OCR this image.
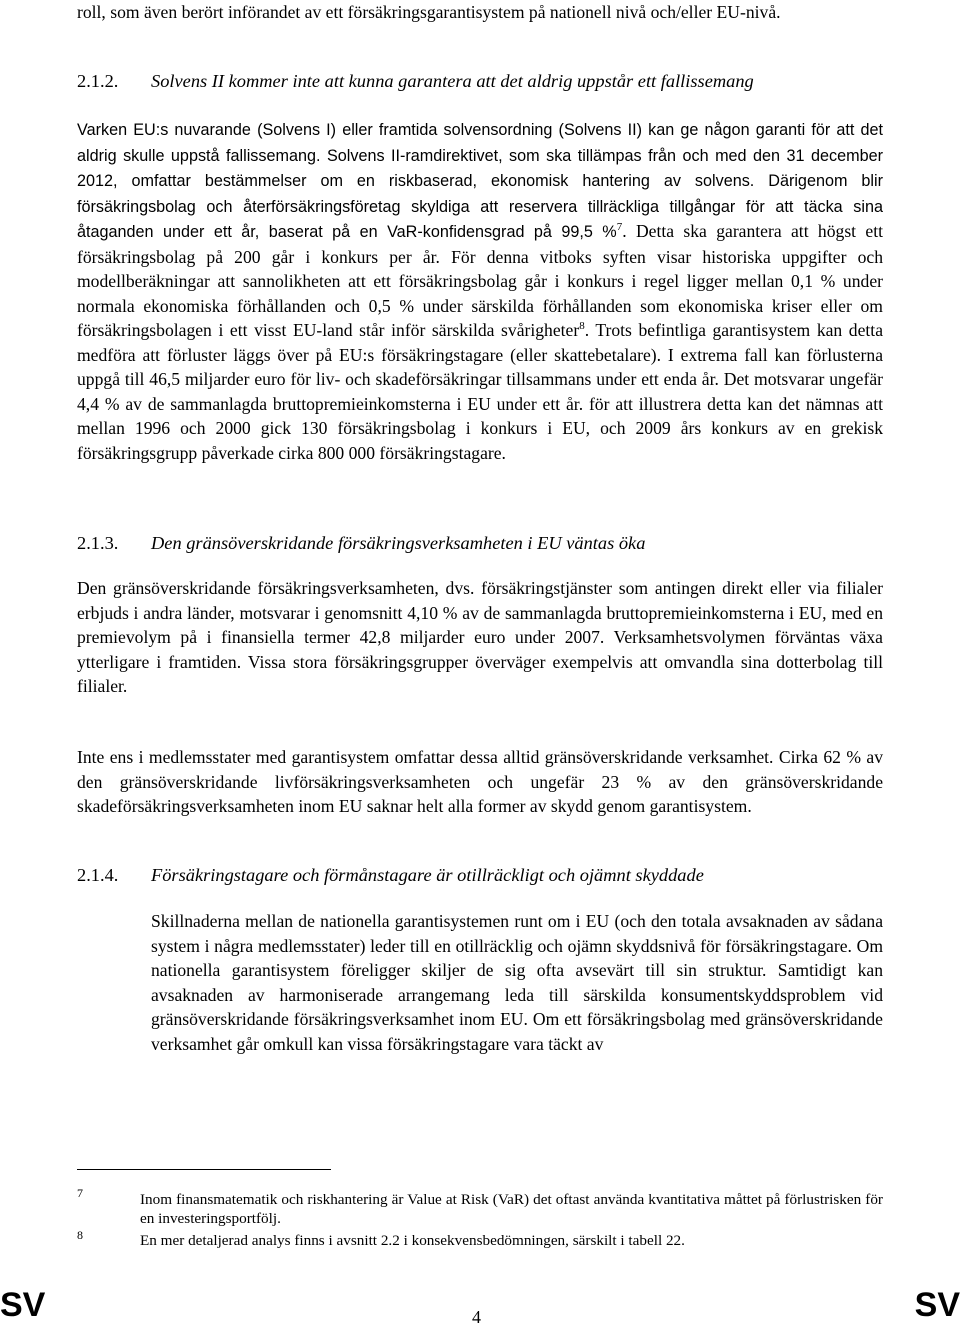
roll, som även berört införandet av ett försäkringsgarantisystem på nationell nivå och/eller EU-nivå.

2.1.2. Solvens II kommer inte att kunna garantera att det aldrig uppstår ett fallissemang

Varken EU:s nuvarande (Solvens I) eller framtida solvensordning (Solvens II) kan ge någon garanti för att det aldrig skulle uppstå fallissemang. Solvens II-ramdirektivet, som ska tillämpas från och med den 31 december 2012, omfattar bestämmelser om en riskbaserad, ekonomisk hantering av solvens. Därigenom blir försäkringsbolag och återförsäkringsföretag skyldiga att reservera tillräckliga tillgångar för att täcka sina åtaganden under ett år, baserat på en VaR-konfidensgrad på 99,5 %$^7$. Detta ska garantera att högst ett försäkringsbolag på 200 går i konkurs per år. För denna vitboks syften visar historiska uppgifter och modellberäkningar att sannolikheten att ett försäkringsbolag går i konkurs i regel ligger mellan 0,1 % under normala ekonomiska förhållanden och 0,5 % under särskilda förhållanden som ekonomiska kriser eller om försäkringsbolagen i ett visst EU-land står inför särskilda svårigheter$^8$. Trots befintliga garantisystem kan detta medföra att förluster läggs över på EU:s försäkringstagare (eller skattebetalare). I extrema fall kan förlusterna uppgå till 46,5 miljarder euro för liv- och skadeförsäkringar tillsammans under ett enda år. Det motsvarar ungefär 4,4 % av de sammanlagda bruttopremieinkomsterna i EU under ett år. för att illustrera detta kan det nämnas att mellan 1996 och 2000 gick 130 försäkringsbolag i konkurs i EU, och 2009 års konkurs av en grekisk försäkringsgrupp påverkade cirka 800 000 försäkringstagare.

2.1.3. Den gränsöverskridande försäkringsverksamheten i EU väntas öka

Den gränsöverskridande försäkringsverksamheten, dvs. försäkringstjänster som antingen direkt eller via filialer erbjuds i andra länder, motsvarar i genomsnitt 4,10 % av de sammanlagda bruttopremieinkomsterna i EU, med en premievolym på i finansiella termer 42,8 miljarder euro under 2007. Verksamhetsvolymen förväntas växa ytterligare i framtiden. Vissa stora försäkringsgrupper överväger exempelvis att omvandla sina dotterbolag till filialer.

Inte ens i medlemsstater med garantisystem omfattar dessa alltid gränsöverskridande verksamhet. Cirka 62 % av den gränsöverskridande livförsäkringsverksamheten och ungefär 23 % av den gränsöverskridande skadeförsäkringsverksamheten inom EU saknar helt alla former av skydd genom garantisystem.

2.1.4. Försäkringstagare och förmånstagare är otillräckligt och ojämnt skyddade

Skillnaderna mellan de nationella garantisystemen runt om i EU (och den totala avsaknaden av sådana system i några medlemsstater) leder till en otillräcklig och ojämn skyddsnivå för försäkringstagare. Om nationella garantisystem föreligger skiljer de sig ofta avsevärt till sin struktur. Samtidigt kan avsaknaden av harmoniserade arrangemang leda till särskilda konsumentskyddsproblem vid gränsöverskridande försäkringsverksamhet inom EU. Om ett försäkringsbolag med gränsöverskridande verksamhet går omkull kan vissa försäkringstagare vara täckt av

7	Inom finansmatematik och riskhantering är Value at Risk (VaR) det oftast använda kvantitativa måttet på förlustrisken för en investeringsportfölj.

8	En mer detaljerad analys finns i avsnitt 2.2 i konsekvensbedömningen, särskilt i tabell 22.

SV	4	SV
